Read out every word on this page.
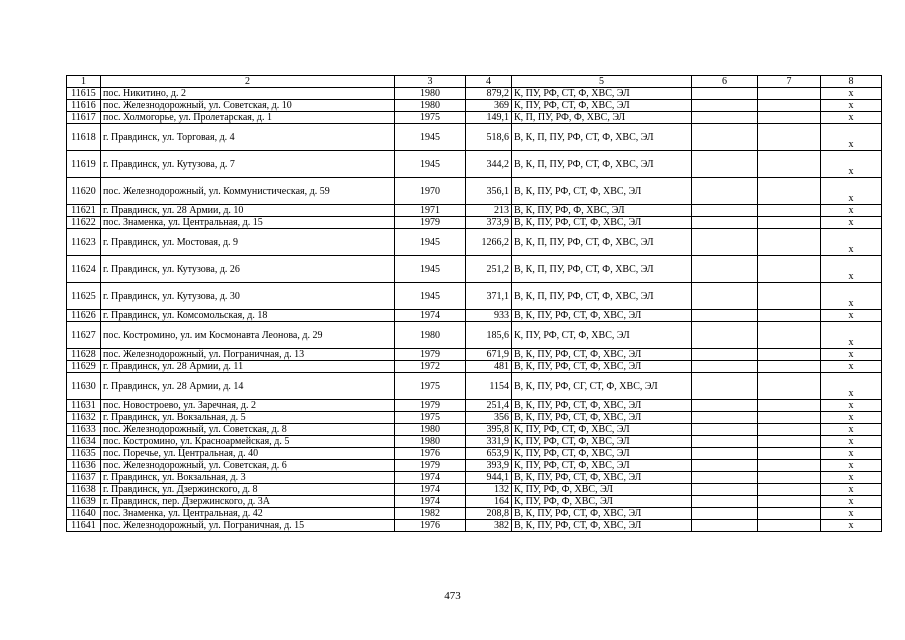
1	2	3	4	5	6	7	8
11615	пос. Никитино, д. 2	1980	879,2	К, ПУ, РФ, СТ, Ф, ХВС, ЭЛ			x
11616	пос. Железнодорожный, ул. Советская, д. 10	1980	369	К, ПУ, РФ, СТ, Ф, ХВС, ЭЛ			x
11617	пос. Холмогорье, ул. Пролетарская, д. 1	1975	149,1	К, П, ПУ, РФ, Ф, ХВС, ЭЛ			x
11618	г. Правдинск, ул. Торговая, д. 4	1945	518,6	В, К, П, ПУ, РФ, СТ, Ф, ХВС, ЭЛ			x
11619	г. Правдинск, ул. Кутузова, д. 7	1945	344,2	В, К, П, ПУ, РФ, СТ, Ф, ХВС, ЭЛ			x
11620	пос. Железнодорожный, ул. Коммунистическая, д. 59	1970	356,1	В, К, ПУ, РФ, СТ, Ф, ХВС, ЭЛ			x
11621	г. Правдинск, ул. 28 Армии, д. 10	1971	213	В, К, ПУ, РФ, Ф, ХВС, ЭЛ			x
11622	пос. Знаменка, ул. Центральная, д. 15	1979	373,9	В, К, ПУ, РФ, СТ, Ф, ХВС, ЭЛ			x
11623	г. Правдинск, ул. Мостовая, д. 9	1945	1266,2	В, К, П, ПУ, РФ, СТ, Ф, ХВС, ЭЛ			x
11624	г. Правдинск, ул. Кутузова, д. 26	1945	251,2	В, К, П, ПУ, РФ, СТ, Ф, ХВС, ЭЛ			x
11625	г. Правдинск, ул. Кутузова, д. 30	1945	371,1	В, К, П, ПУ, РФ, СТ, Ф, ХВС, ЭЛ			x
11626	г. Правдинск, ул. Комсомольская, д. 18	1974	933	В, К, ПУ, РФ, СТ, Ф, ХВС, ЭЛ			x
11627	пос. Костромино, ул. им Космонавта Леонова, д. 29	1980	185,6	К, ПУ, РФ, СТ, Ф, ХВС, ЭЛ			x
11628	пос. Железнодорожный, ул. Пограничная, д. 13	1979	671,9	В, К, ПУ, РФ, СТ, Ф, ХВС, ЭЛ			x
11629	г. Правдинск, ул. 28 Армии, д. 11	1972	481	В, К, ПУ, РФ, СТ, Ф, ХВС, ЭЛ			x
11630	г. Правдинск, ул. 28 Армии, д. 14	1975	1154	В, К, ПУ, РФ, СГ, СТ, Ф, ХВС, ЭЛ			x
11631	пос. Новостроево, ул. Заречная, д. 2	1979	251,4	В, К, ПУ, РФ, СТ, Ф, ХВС, ЭЛ			x
11632	г. Правдинск, ул. Вокзальная, д. 5	1975	356	В, К, ПУ, РФ, СТ, Ф, ХВС, ЭЛ			x
11633	пос. Железнодорожный, ул. Советская, д. 8	1980	395,8	К, ПУ, РФ, СТ, Ф, ХВС, ЭЛ			x
11634	пос. Костромино, ул. Красноармейская, д. 5	1980	331,9	К, ПУ, РФ, СТ, Ф, ХВС, ЭЛ			x
11635	пос. Поречье, ул. Центральная, д. 40	1976	653,9	К, ПУ, РФ, СТ, Ф, ХВС, ЭЛ			x
11636	пос. Железнодорожный, ул. Советская, д. 6	1979	393,9	К, ПУ, РФ, СТ, Ф, ХВС, ЭЛ			x
11637	г. Правдинск, ул. Вокзальная, д. 3	1974	944,1	В, К, ПУ, РФ, СТ, Ф, ХВС, ЭЛ			x
11638	г. Правдинск, ул. Дзержинского, д. 8	1974	132	К, ПУ, РФ, Ф, ХВС, ЭЛ			x
11639	г. Правдинск, пер. Дзержинского, д. 3А	1974	164	К, ПУ, РФ, Ф, ХВС, ЭЛ			x
11640	пос. Знаменка, ул. Центральная, д. 42	1982	208,8	В, К, ПУ, РФ, СТ, Ф, ХВС, ЭЛ			x
11641	пос. Железнодорожный, ул. Пограничная, д. 15	1976	382	В, К, ПУ, РФ, СТ, Ф, ХВС, ЭЛ			x
473
